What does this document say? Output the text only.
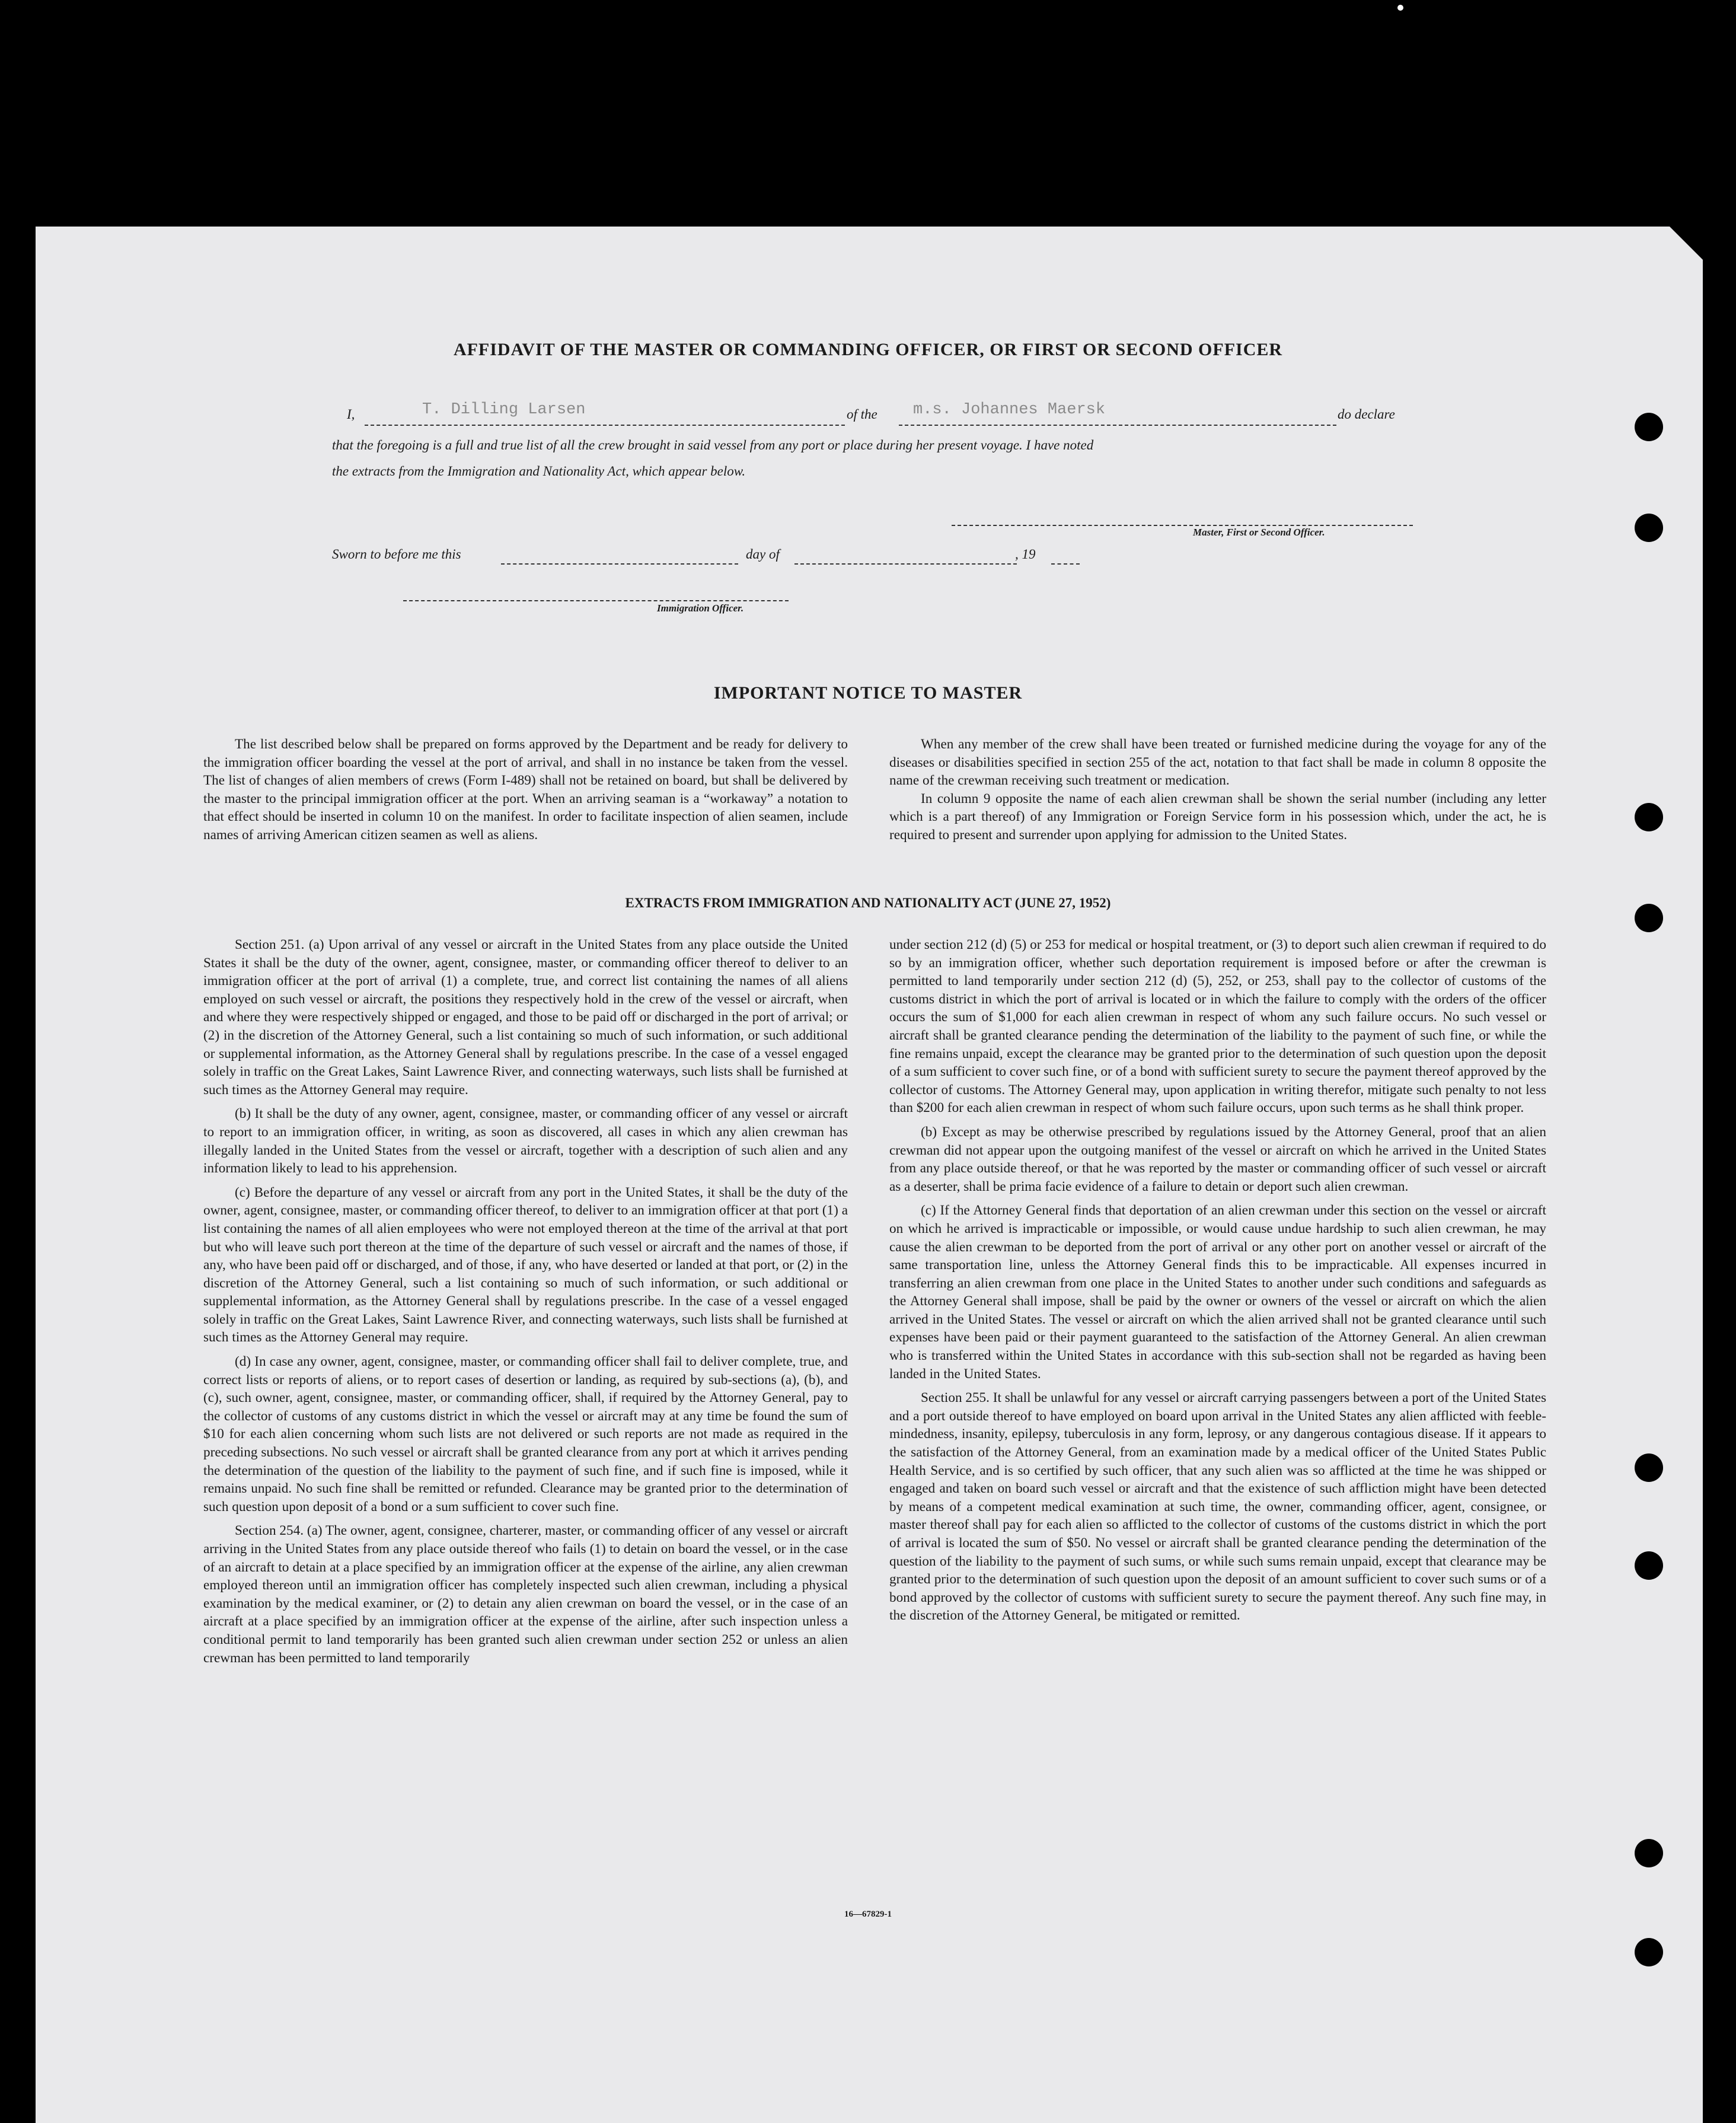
AFFIDAVIT OF THE MASTER OR COMMANDING OFFICER, OR FIRST OR SECOND OFFICER
I,	T. Dilling Larsen	of the m.s. Johannes Maersk	do declare
that the foregoing is a full and true list of all the crew brought in said vessel from any port or place during her present voyage. I have noted
the extracts from the Immigration and Nationality Act, which appear below.
Master, First or Second Officer.
Sworn to before me this	day of	, 19
Immigration Officer.
IMPORTANT NOTICE TO MASTER

The list described below shall be prepared on forms approved by the Department and be ready for delivery to the immigration officer boarding the vessel at the port of arrival, and shall in no instance be taken from the vessel. The list of changes of alien members of crews (Form I-489) shall not be retained on board, but shall be delivered by the master to the principal immigration officer at the port. When an arriving seaman is a “workaway” a notation to that effect should be inserted in column 10 on the manifest. In order to facilitate inspection of alien seamen, include names of arriving American citizen seamen as well as aliens.

When any member of the crew shall have been treated or furnished medicine during the voyage for any of the diseases or disabilities specified in section 255 of the act, notation to that fact shall be made in column 8 opposite the name of the crewman receiving such treatment or medication.

In column 9 opposite the name of each alien crewman shall be shown the serial number (including any letter which is a part thereof) of any Immigration or Foreign Service form in his possession which, under the act, he is required to present and surrender upon applying for admission to the United States.

EXTRACTS FROM IMMIGRATION AND NATIONALITY ACT (JUNE 27, 1952)

Section 251. (a) Upon arrival of any vessel or aircraft in the United States from any place outside the United States it shall be the duty of the owner, agent, consignee, master, or commanding officer thereof to deliver to an immigration officer at the port of arrival (1) a complete, true, and correct list containing the names of all aliens employed on such vessel or aircraft, the positions they respectively hold in the crew of the vessel or aircraft, when and where they were respectively shipped or engaged, and those to be paid off or discharged in the port of arrival; or (2) in the discretion of the Attorney General, such a list containing so much of such information, or such additional or supplemental information, as the Attorney General shall by regulations prescribe. In the case of a vessel engaged solely in traffic on the Great Lakes, Saint Lawrence River, and connecting waterways, such lists shall be furnished at such times as the Attorney General may require.

(b) It shall be the duty of any owner, agent, consignee, master, or commanding officer of any vessel or aircraft to report to an immigration officer, in writing, as soon as discovered, all cases in which any alien crewman has illegally landed in the United States from the vessel or aircraft, together with a description of such alien and any information likely to lead to his apprehension.

(c) Before the departure of any vessel or aircraft from any port in the United States, it shall be the duty of the owner, agent, consignee, master, or commanding officer thereof, to deliver to an immigration officer at that port (1) a list containing the names of all alien employees who were not employed thereon at the time of the arrival at that port but who will leave such port thereon at the time of the departure of such vessel or aircraft and the names of those, if any, who have been paid off or discharged, and of those, if any, who have deserted or landed at that port, or (2) in the discretion of the Attorney General, such a list containing so much of such information, or such additional or supplemental information, as the Attorney General shall by regulations prescribe. In the case of a vessel engaged solely in traffic on the Great Lakes, Saint Lawrence River, and connecting waterways, such lists shall be furnished at such times as the Attorney General may require.

(d) In case any owner, agent, consignee, master, or commanding officer shall fail to deliver complete, true, and correct lists or reports of aliens, or to report cases of desertion or landing, as required by sub-sections (a), (b), and (c), such owner, agent, consignee, master, or commanding officer, shall, if required by the Attorney General, pay to the collector of customs of any customs district in which the vessel or aircraft may at any time be found the sum of $10 for each alien concerning whom such lists are not delivered or such reports are not made as required in the preceding subsections. No such vessel or aircraft shall be granted clearance from any port at which it arrives pending the determination of the question of the liability to the payment of such fine, and if such fine is imposed, while it remains unpaid. No such fine shall be remitted or refunded. Clearance may be granted prior to the determination of such question upon deposit of a bond or a sum sufficient to cover such fine.

Section 254. (a) The owner, agent, consignee, charterer, master, or commanding officer of any vessel or aircraft arriving in the United States from any place outside thereof who fails (1) to detain on board the vessel, or in the case of an aircraft to detain at a place specified by an immigration officer at the expense of the airline, any alien crewman employed thereon until an immigration officer has completely inspected such alien crewman, including a physical examination by the medical examiner, or (2) to detain any alien crewman on board the vessel, or in the case of an aircraft at a place specified by an immigration officer at the expense of the airline, after such inspection unless a conditional permit to land temporarily has been granted such alien crewman under section 252 or unless an alien crewman has been permitted to land temporarily

under section 212 (d) (5) or 253 for medical or hospital treatment, or (3) to deport such alien crewman if required to do so by an immigration officer, whether such deportation requirement is imposed before or after the crewman is permitted to land temporarily under section 212 (d) (5), 252, or 253, shall pay to the collector of customs of the customs district in which the port of arrival is located or in which the failure to comply with the orders of the officer occurs the sum of $1,000 for each alien crewman in respect of whom any such failure occurs. No such vessel or aircraft shall be granted clearance pending the determination of the liability to the payment of such fine, or while the fine remains unpaid, except the clearance may be granted prior to the determination of such question upon the deposit of a sum sufficient to cover such fine, or of a bond with sufficient surety to secure the payment thereof approved by the collector of customs. The Attorney General may, upon application in writing therefor, mitigate such penalty to not less than $200 for each alien crewman in respect of whom such failure occurs, upon such terms as he shall think proper.

(b) Except as may be otherwise prescribed by regulations issued by the Attorney General, proof that an alien crewman did not appear upon the outgoing manifest of the vessel or aircraft on which he arrived in the United States from any place outside thereof, or that he was reported by the master or commanding officer of such vessel or aircraft as a deserter, shall be prima facie evidence of a failure to detain or deport such alien crewman.

(c) If the Attorney General finds that deportation of an alien crewman under this section on the vessel or aircraft on which he arrived is impracticable or impossible, or would cause undue hardship to such alien crewman, he may cause the alien crewman to be deported from the port of arrival or any other port on another vessel or aircraft of the same transportation line, unless the Attorney General finds this to be impracticable. All expenses incurred in transferring an alien crewman from one place in the United States to another under such conditions and safeguards as the Attorney General shall impose, shall be paid by the owner or owners of the vessel or aircraft on which the alien arrived in the United States. The vessel or aircraft on which the alien arrived shall not be granted clearance until such expenses have been paid or their payment guaranteed to the satisfaction of the Attorney General. An alien crewman who is transferred within the United States in accordance with this sub-section shall not be regarded as having been landed in the United States.

Section 255. It shall be unlawful for any vessel or aircraft carrying passengers between a port of the United States and a port outside thereof to have employed on board upon arrival in the United States any alien afflicted with feeble-mindedness, insanity, epilepsy, tuberculosis in any form, leprosy, or any dangerous contagious disease. If it appears to the satisfaction of the Attorney General, from an examination made by a medical officer of the United States Public Health Service, and is so certified by such officer, that any such alien was so afflicted at the time he was shipped or engaged and taken on board such vessel or aircraft and that the existence of such affliction might have been detected by means of a competent medical examination at such time, the owner, commanding officer, agent, consignee, or master thereof shall pay for each alien so afflicted to the collector of customs of the customs district in which the port of arrival is located the sum of $50. No vessel or aircraft shall be granted clearance pending the determination of the question of the liability to the payment of such sums, or while such sums remain unpaid, except that clearance may be granted prior to the determination of such question upon the deposit of an amount sufficient to cover such sums or of a bond approved by the collector of customs with sufficient surety to secure the payment thereof. Any such fine may, in the discretion of the Attorney General, be mitigated or remitted.

16—67829-1
